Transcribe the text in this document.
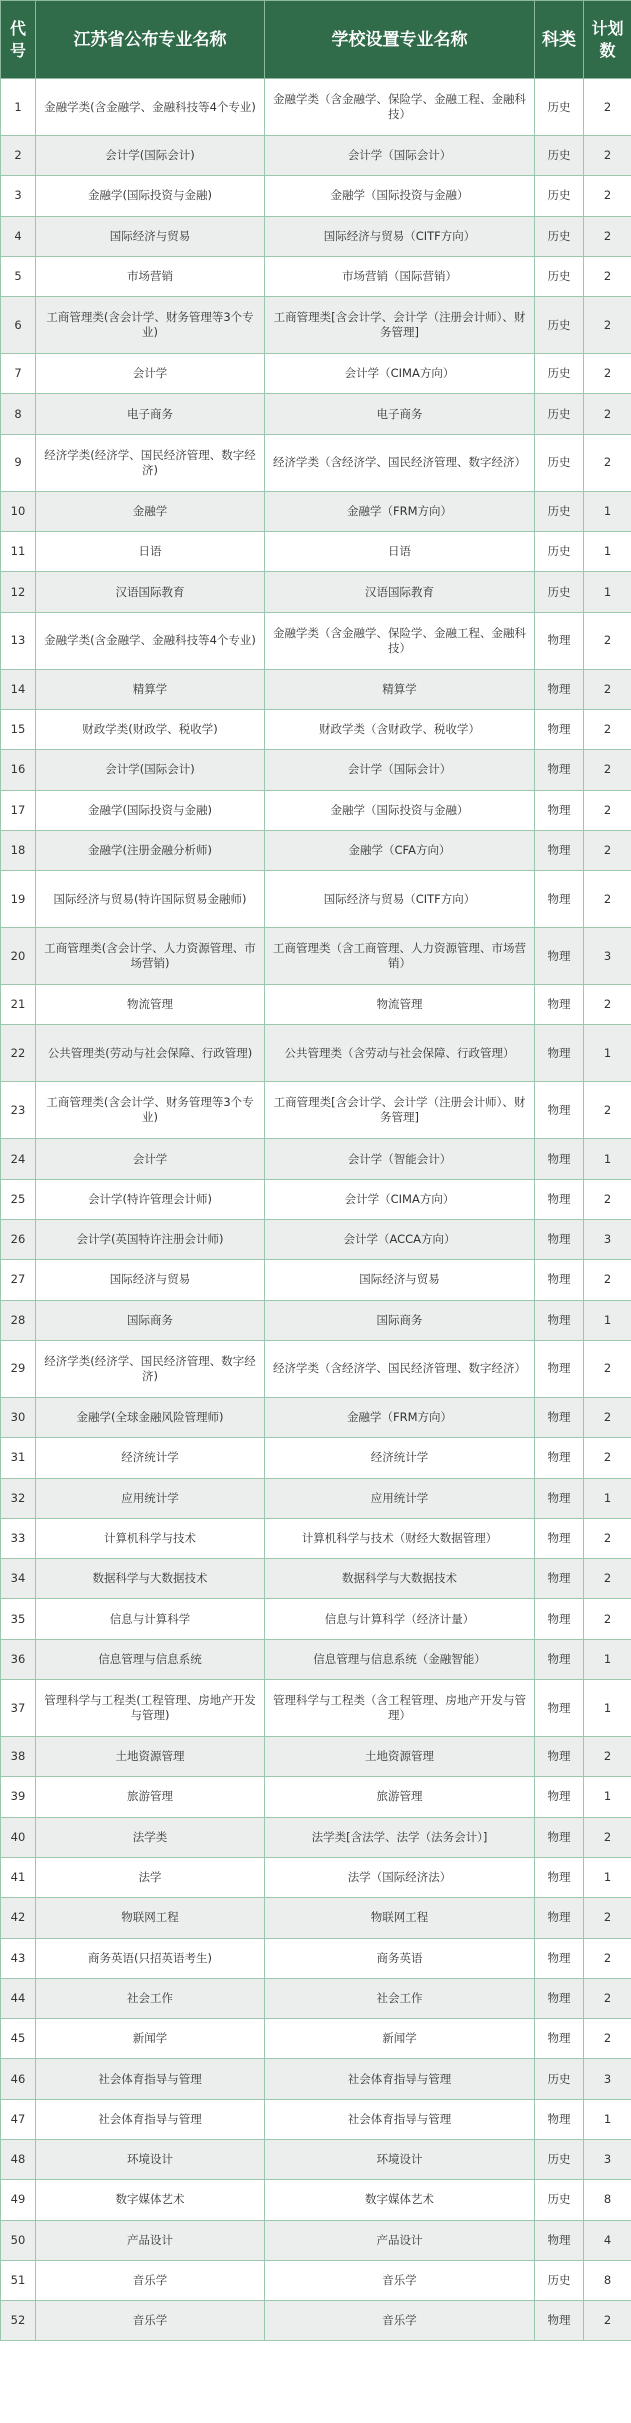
代号	江苏省公布专业名称	学校设置专业名称	科类	计划数
1	金融学类(含金融学、金融科技等4个专业)	金融学类（含金融学、保险学、金融工程、金融科技）	历史	2
2	会计学(国际会计)	会计学（国际会计）	历史	2
3	金融学(国际投资与金融)	金融学（国际投资与金融）	历史	2
4	国际经济与贸易	国际经济与贸易（CITF方向）	历史	2
5	市场营销	市场营销（国际营销）	历史	2
6	工商管理类(含会计学、财务管理等3个专业)	工商管理类[含会计学、会计学（注册会计师）、财务管理]	历史	2
7	会计学	会计学（CIMA方向）	历史	2
8	电子商务	电子商务	历史	2
9	经济学类(经济学、国民经济管理、数字经济)	经济学类（含经济学、国民经济管理、数字经济）	历史	2
10	金融学	金融学（FRM方向）	历史	1
11	日语	日语	历史	1
12	汉语国际教育	汉语国际教育	历史	1
13	金融学类(含金融学、金融科技等4个专业)	金融学类（含金融学、保险学、金融工程、金融科技）	物理	2
14	精算学	精算学	物理	2
15	财政学类(财政学、税收学)	财政学类（含财政学、税收学）	物理	2
16	会计学(国际会计)	会计学（国际会计）	物理	2
17	金融学(国际投资与金融)	金融学（国际投资与金融）	物理	2
18	金融学(注册金融分析师)	金融学（CFA方向）	物理	2
19	国际经济与贸易(特许国际贸易金融师)	国际经济与贸易（CITF方向）	物理	2
20	工商管理类(含会计学、人力资源管理、市场营销)	工商管理类（含工商管理、人力资源管理、市场营销）	物理	3
21	物流管理	物流管理	物理	2
22	公共管理类(劳动与社会保障、行政管理)	公共管理类（含劳动与社会保障、行政管理）	物理	1
23	工商管理类(含会计学、财务管理等3个专业)	工商管理类[含会计学、会计学（注册会计师）、财务管理]	物理	2
24	会计学	会计学（智能会计）	物理	1
25	会计学(特许管理会计师)	会计学（CIMA方向）	物理	2
26	会计学(英国特许注册会计师)	会计学（ACCA方向）	物理	3
27	国际经济与贸易	国际经济与贸易	物理	2
28	国际商务	国际商务	物理	1
29	经济学类(经济学、国民经济管理、数字经济)	经济学类（含经济学、国民经济管理、数字经济）	物理	2
30	金融学(全球金融风险管理师)	金融学（FRM方向）	物理	2
31	经济统计学	经济统计学	物理	2
32	应用统计学	应用统计学	物理	1
33	计算机科学与技术	计算机科学与技术（财经大数据管理）	物理	2
34	数据科学与大数据技术	数据科学与大数据技术	物理	2
35	信息与计算科学	信息与计算科学（经济计量）	物理	2
36	信息管理与信息系统	信息管理与信息系统（金融智能）	物理	1
37	管理科学与工程类(工程管理、房地产开发与管理)	管理科学与工程类（含工程管理、房地产开发与管理）	物理	1
38	土地资源管理	土地资源管理	物理	2
39	旅游管理	旅游管理	物理	1
40	法学类	法学类[含法学、法学（法务会计）]	物理	2
41	法学	法学（国际经济法）	物理	1
42	物联网工程	物联网工程	物理	2
43	商务英语(只招英语考生)	商务英语	物理	2
44	社会工作	社会工作	物理	2
45	新闻学	新闻学	物理	2
46	社会体育指导与管理	社会体育指导与管理	历史	3
47	社会体育指导与管理	社会体育指导与管理	物理	1
48	环境设计	环境设计	历史	3
49	数字媒体艺术	数字媒体艺术	历史	8
50	产品设计	产品设计	物理	4
51	音乐学	音乐学	历史	8
52	音乐学	音乐学	物理	2
